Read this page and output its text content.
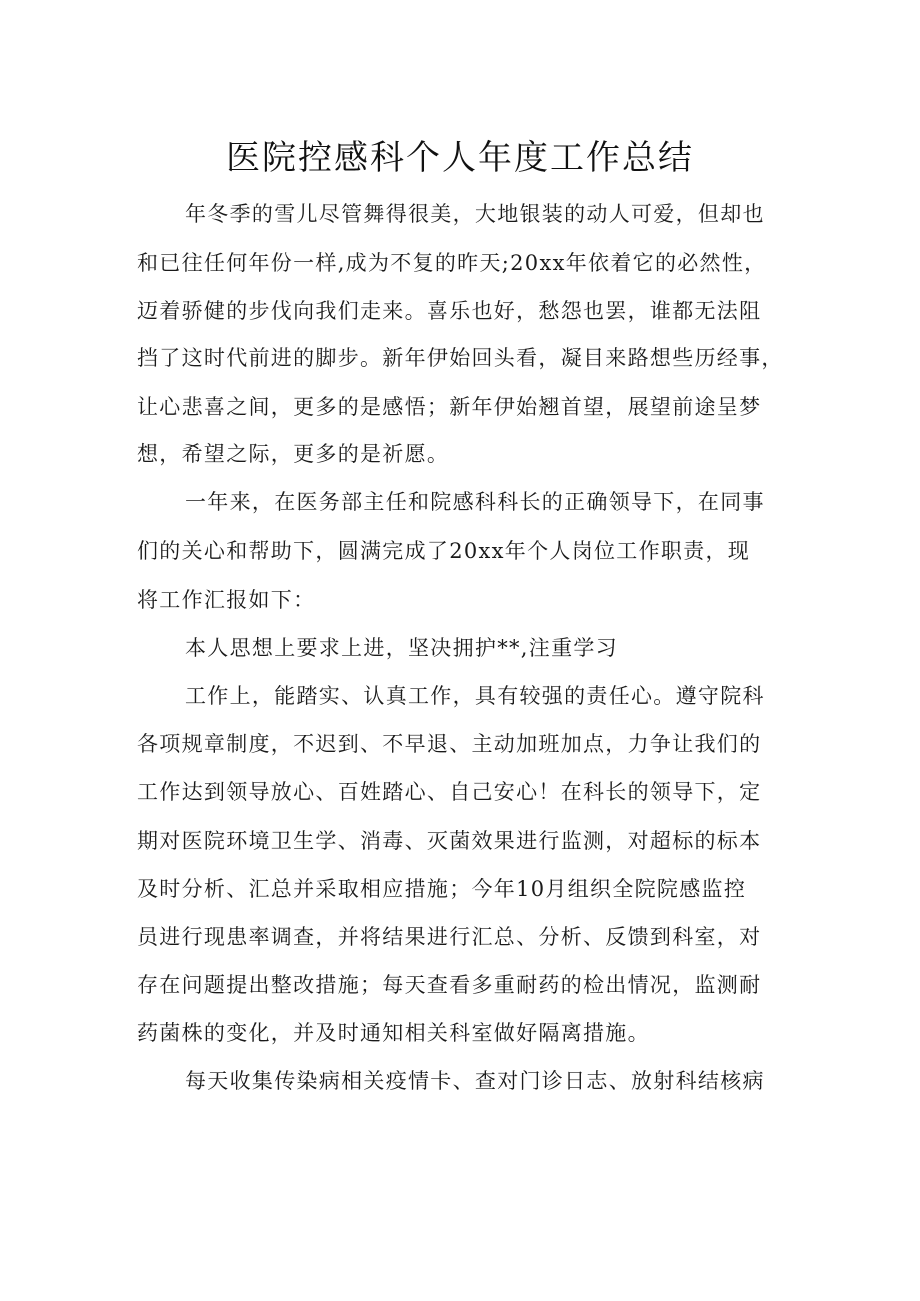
医院控感科个人年度工作总结
年冬季的雪儿尽管舞得很美，大地银装的动人可爱，但却也
和已往任何年份一样,成为不复的昨天;20xx年依着它的必然性，
迈着骄健的步伐向我们走来。喜乐也好，愁怨也罢，谁都无法阻
挡了这时代前进的脚步。新年伊始回头看，凝目来路想些历经事，
让心悲喜之间，更多的是感悟；新年伊始翘首望，展望前途呈梦
想，希望之际，更多的是祈愿。
一年来，在医务部主任和院感科科长的正确领导下，在同事
们的关心和帮助下，圆满完成了20xx年个人岗位工作职责，现
将工作汇报如下：
本人思想上要求上进，坚决拥护**,注重学习
工作上，能踏实、认真工作，具有较强的责任心。遵守院科
各项规章制度，不迟到、不早退、主动加班加点，力争让我们的
工作达到领导放心、百姓踏心、自己安心！在科长的领导下，定
期对医院环境卫生学、消毒、灭菌效果进行监测，对超标的标本
及时分析、汇总并采取相应措施；今年10月组织全院院感监控
员进行现患率调查，并将结果进行汇总、分析、反馈到科室，对
存在问题提出整改措施；每天查看多重耐药的检出情况，监测耐
药菌株的变化，并及时通知相关科室做好隔离措施。
每天收集传染病相关疫情卡、查对门诊日志、放射科结核病
